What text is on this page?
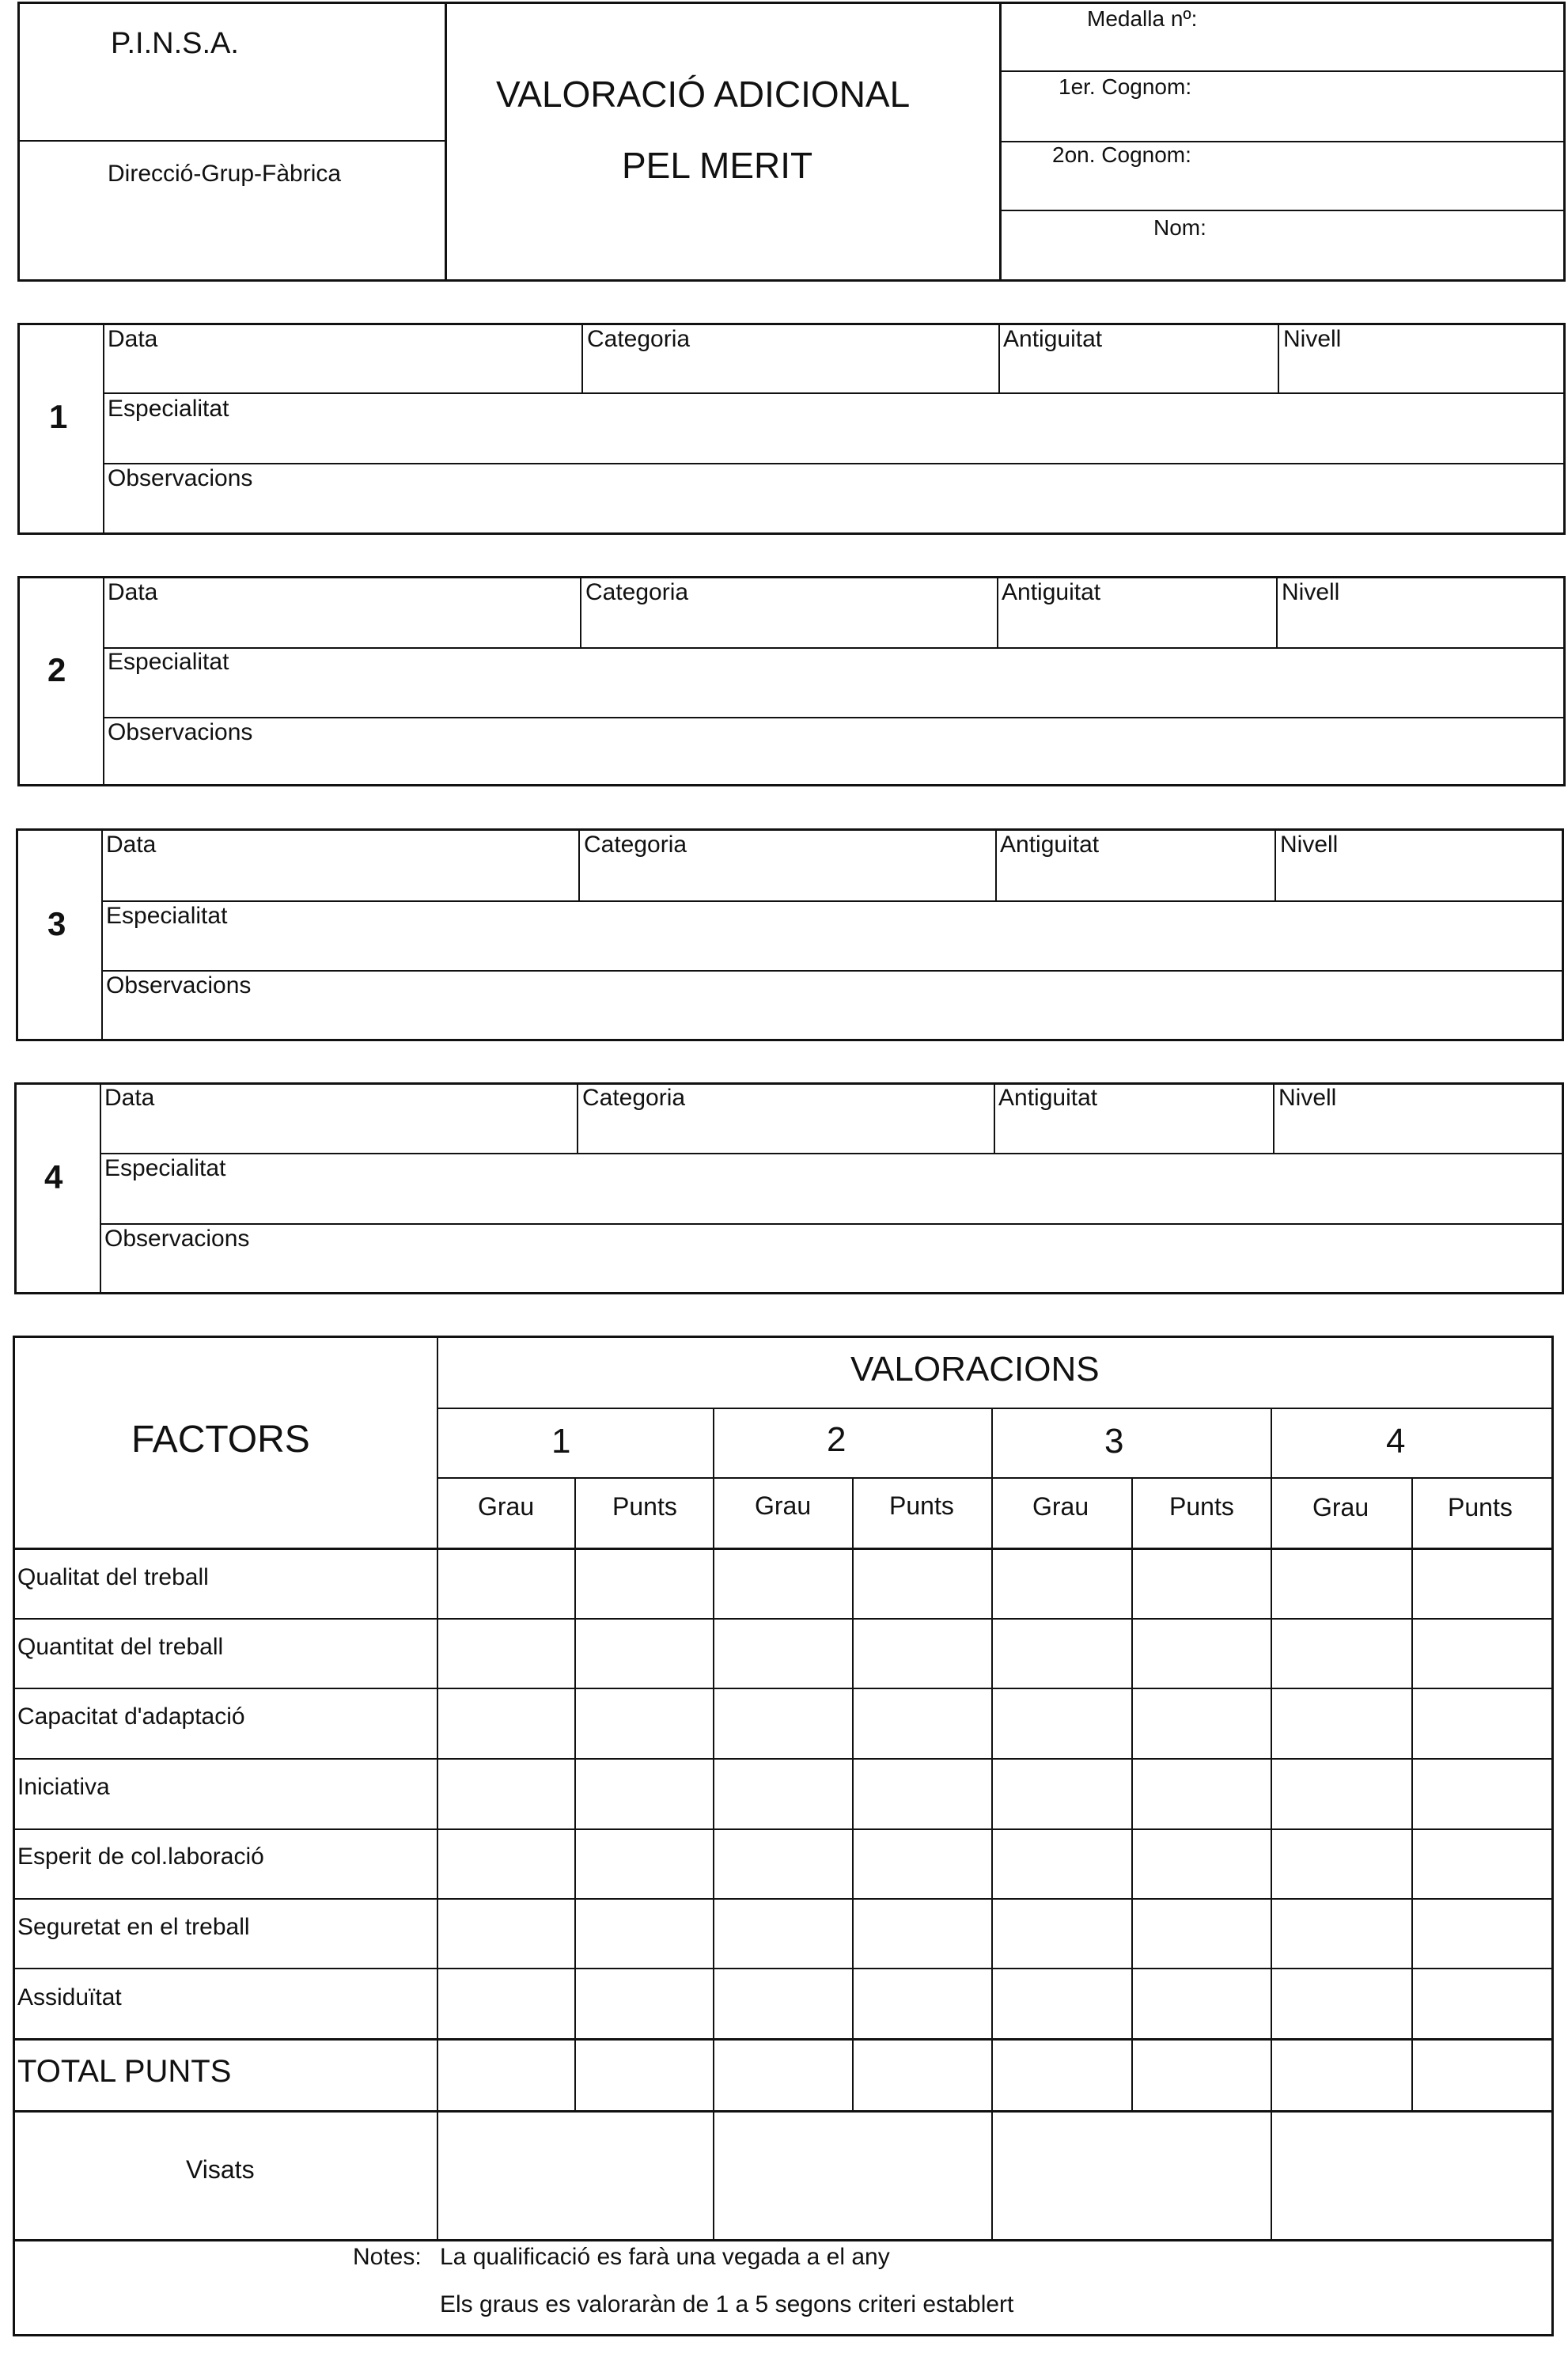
P.I.N.S.A.
Direcció-Grup-Fàbrica
VALORACIÓ ADICIONAL
PEL MERIT
Medalla nº:
1er. Cognom:
2on. Cognom:
Nom:
1
Data	Categoria	Antiguitat	Nivell
Especialitat
Observacions
2
Data	Categoria	Antiguitat	Nivell
Especialitat
Observacions
3
Data	Categoria	Antiguitat	Nivell
Especialitat
Observacions
4
Data	Categoria	Antiguitat	Nivell
Especialitat
Observacions
FACTORS
VALORACIONS
1	2	3	4
Grau	Punts	Grau	Punts	Grau	Punts	Grau	Punts
Qualitat del treball
Quantitat del treball
Capacitat d'adaptació
Iniciativa
Esperit de col.laboració
Seguretat en el treball
Assiduïtat
TOTAL PUNTS
Visats
Notes: La qualificació es farà una vegada a el any
Els graus es valoraràn de 1 a 5 segons criteri establert
